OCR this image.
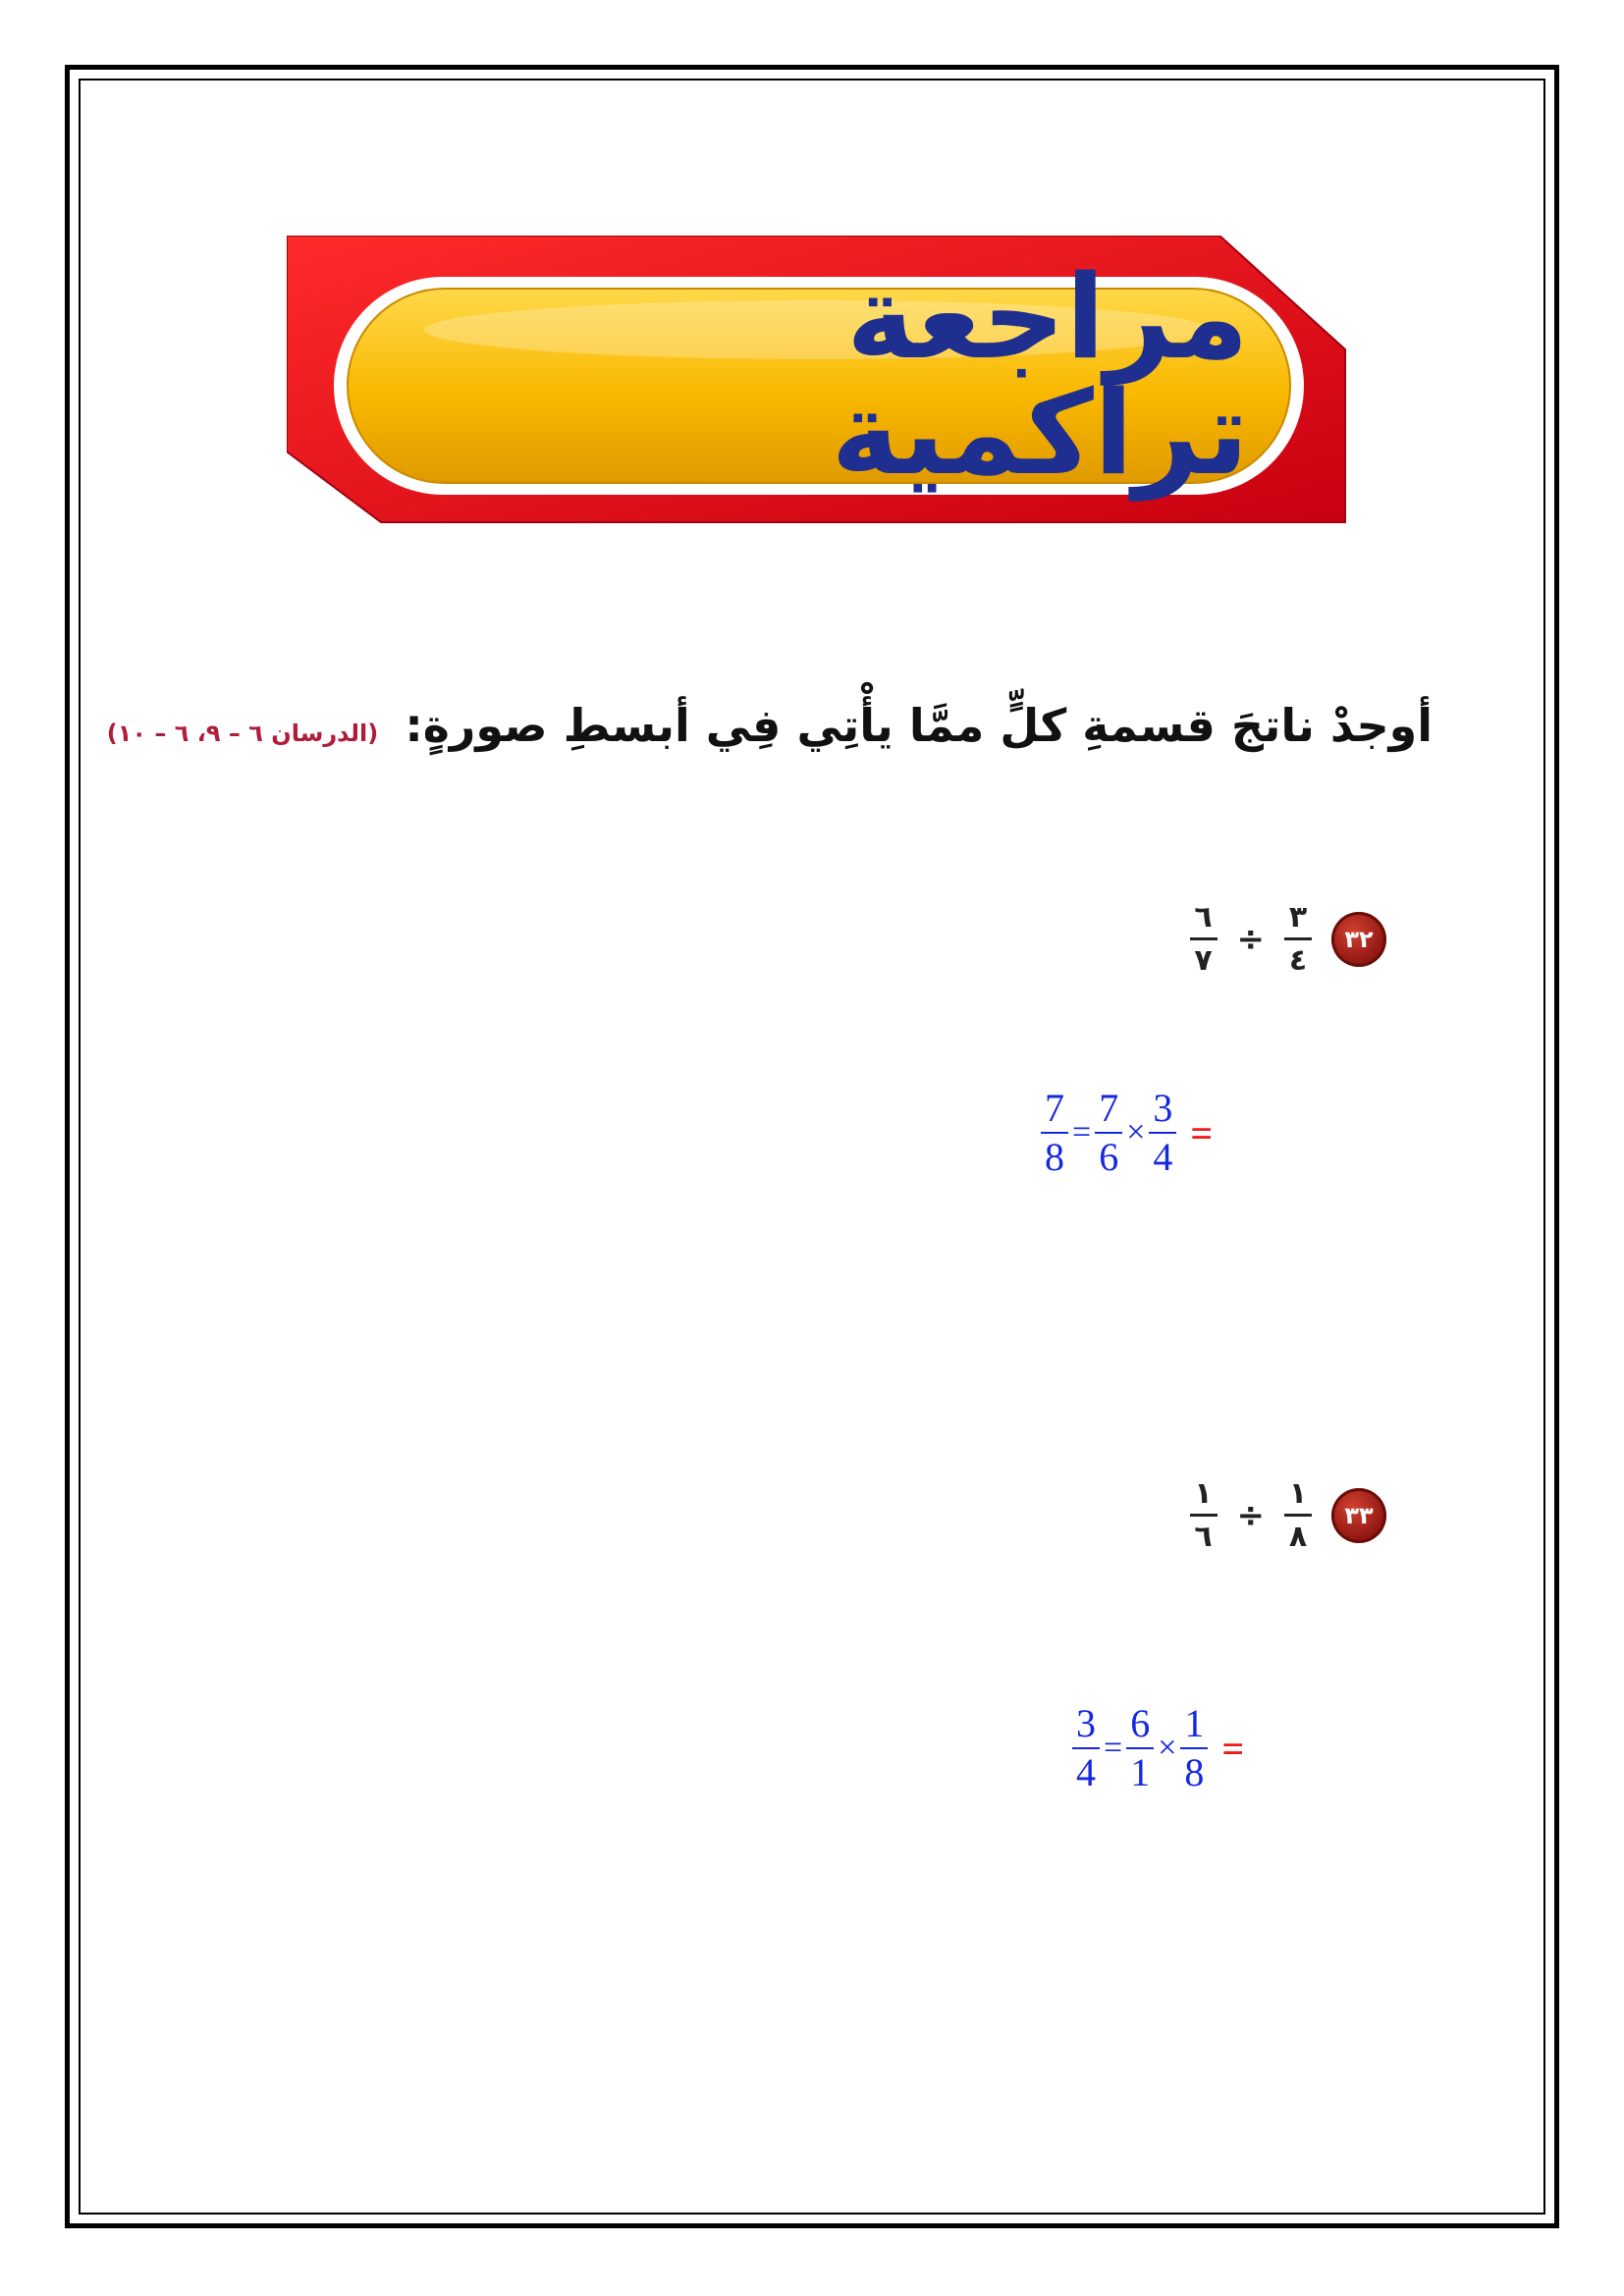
مراجعة تراكمية
أوجدْ ناتجَ قسمةِ كلٍّ ممَّا يأْتِي فِي أبسطِ صورةٍ: (الدرسان ٦ – ٩، ٦ – ١٠)
٣٢
$\frac{٣}{٤}$
÷
$\frac{٦}{٧}$
7
8
=
7
6
×
3
4
=
٣٣
$\frac{١}{٨}$
÷
$\frac{١}{٦}$
3
4
=
6
1
×
1
8
=
